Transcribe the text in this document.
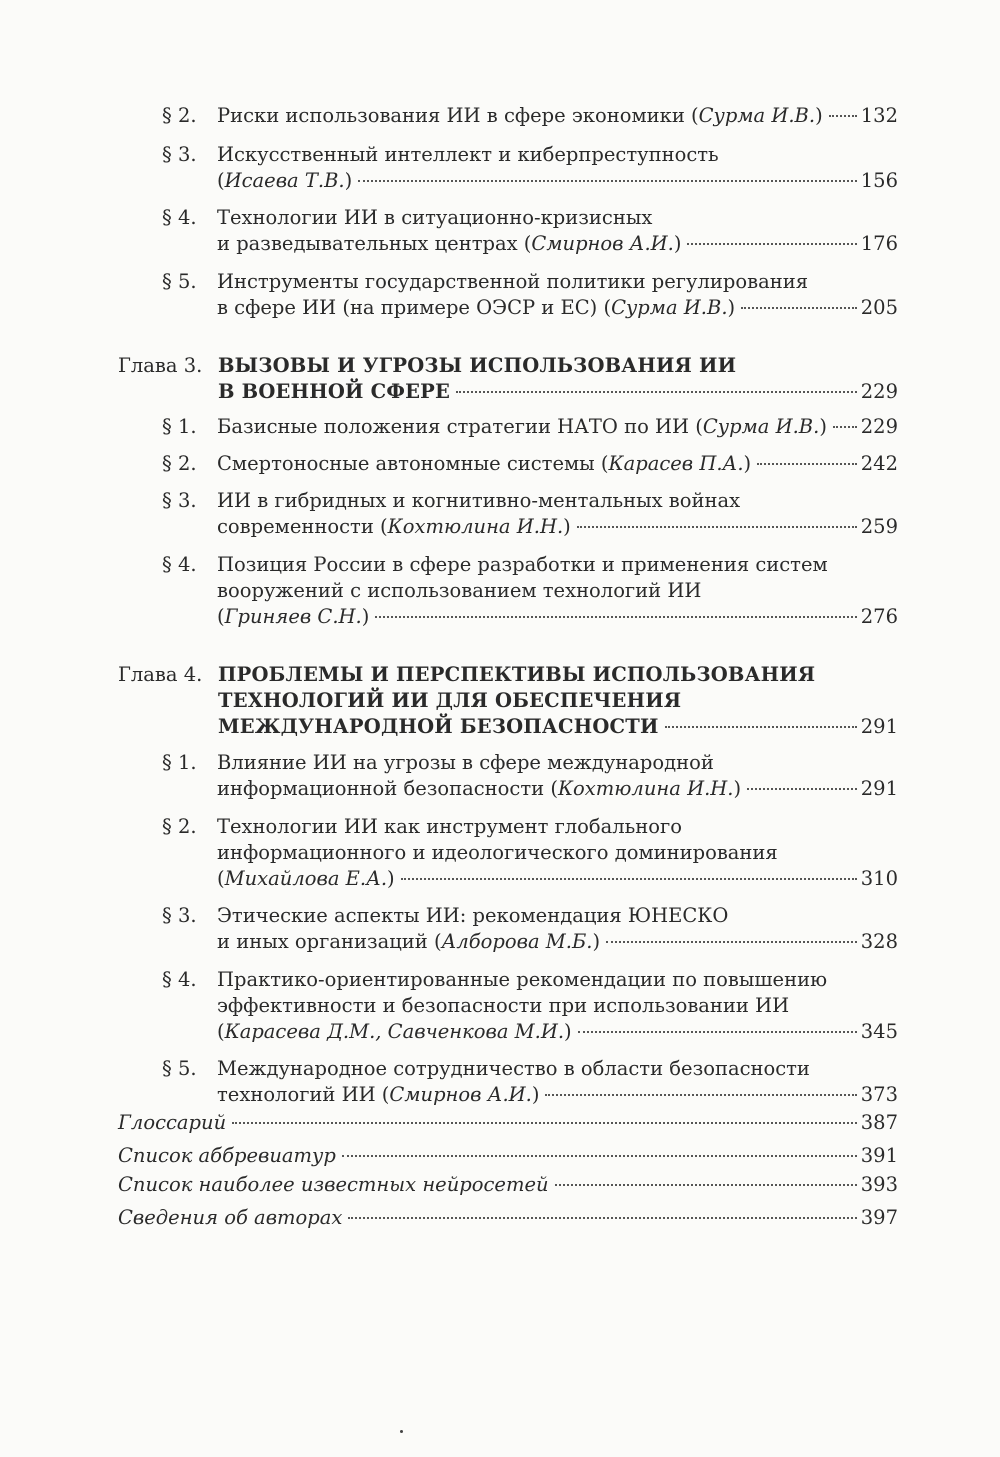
§ 2. Риски использования ИИ в сфере экономики (Сурма И.В.) 132
§ 3. Искусственный интеллект и киберпреступность
(Исаева Т.В.)	156
§ 4. Технологии ИИ в ситуационно-кризисных
и разведывательных центрах (Смирнов А.И.)	176
§ 5. Инструменты государственной политики регулирования
в сфере ИИ (на примере ОЭСР и ЕС) (Сурма И.В.)	205
Глава 3. ВЫЗОВЫ И УГРОЗЫ ИСПОЛЬЗОВАНИЯ ИИ
В ВОЕННОЙ СФЕРЕ	229
§ 1. Базисные положения стратегии НАТО по ИИ (Сурма И.В.) 229
§ 2. Смертоносные автономные системы (Карасев П.А.)	242
§ 3. ИИ в гибридных и когнитивно-ментальных войнах
современности (Кохтюлина И.Н.)	259
§ 4. Позиция России в сфере разработки и применения систем
вооружений с использованием технологий ИИ
(Гриняев С.Н.)	276
Глава 4. ПРОБЛЕМЫ И ПЕРСПЕКТИВЫ ИСПОЛЬЗОВАНИЯ
ТЕХНОЛОГИЙ ИИ ДЛЯ ОБЕСПЕЧЕНИЯ
МЕЖДУНАРОДНОЙ БЕЗОПАСНОСТИ	291
§ 1. Влияние ИИ на угрозы в сфере международной
информационной безопасности (Кохтюлина И.Н.)	291
§ 2. Технологии ИИ как инструмент глобального
информационного и идеологического доминирования
(Михайлова Е.А.)	310
§ 3. Этические аспекты ИИ: рекомендация ЮНЕСКО
и иных организаций (Алборова М.Б.)	328
§ 4. Практико-ориентированные рекомендации по повышению
эффективности и безопасности при использовании ИИ
(Карасева Д.М., Савченкова М.И.)	345
§ 5. Международное сотрудничество в области безопасности
технологий ИИ (Смирнов А.И.)	373
Глоссарий	387
Список аббревиатур	391
Список наиболее известных нейросетей	393
Сведения об авторах	397
